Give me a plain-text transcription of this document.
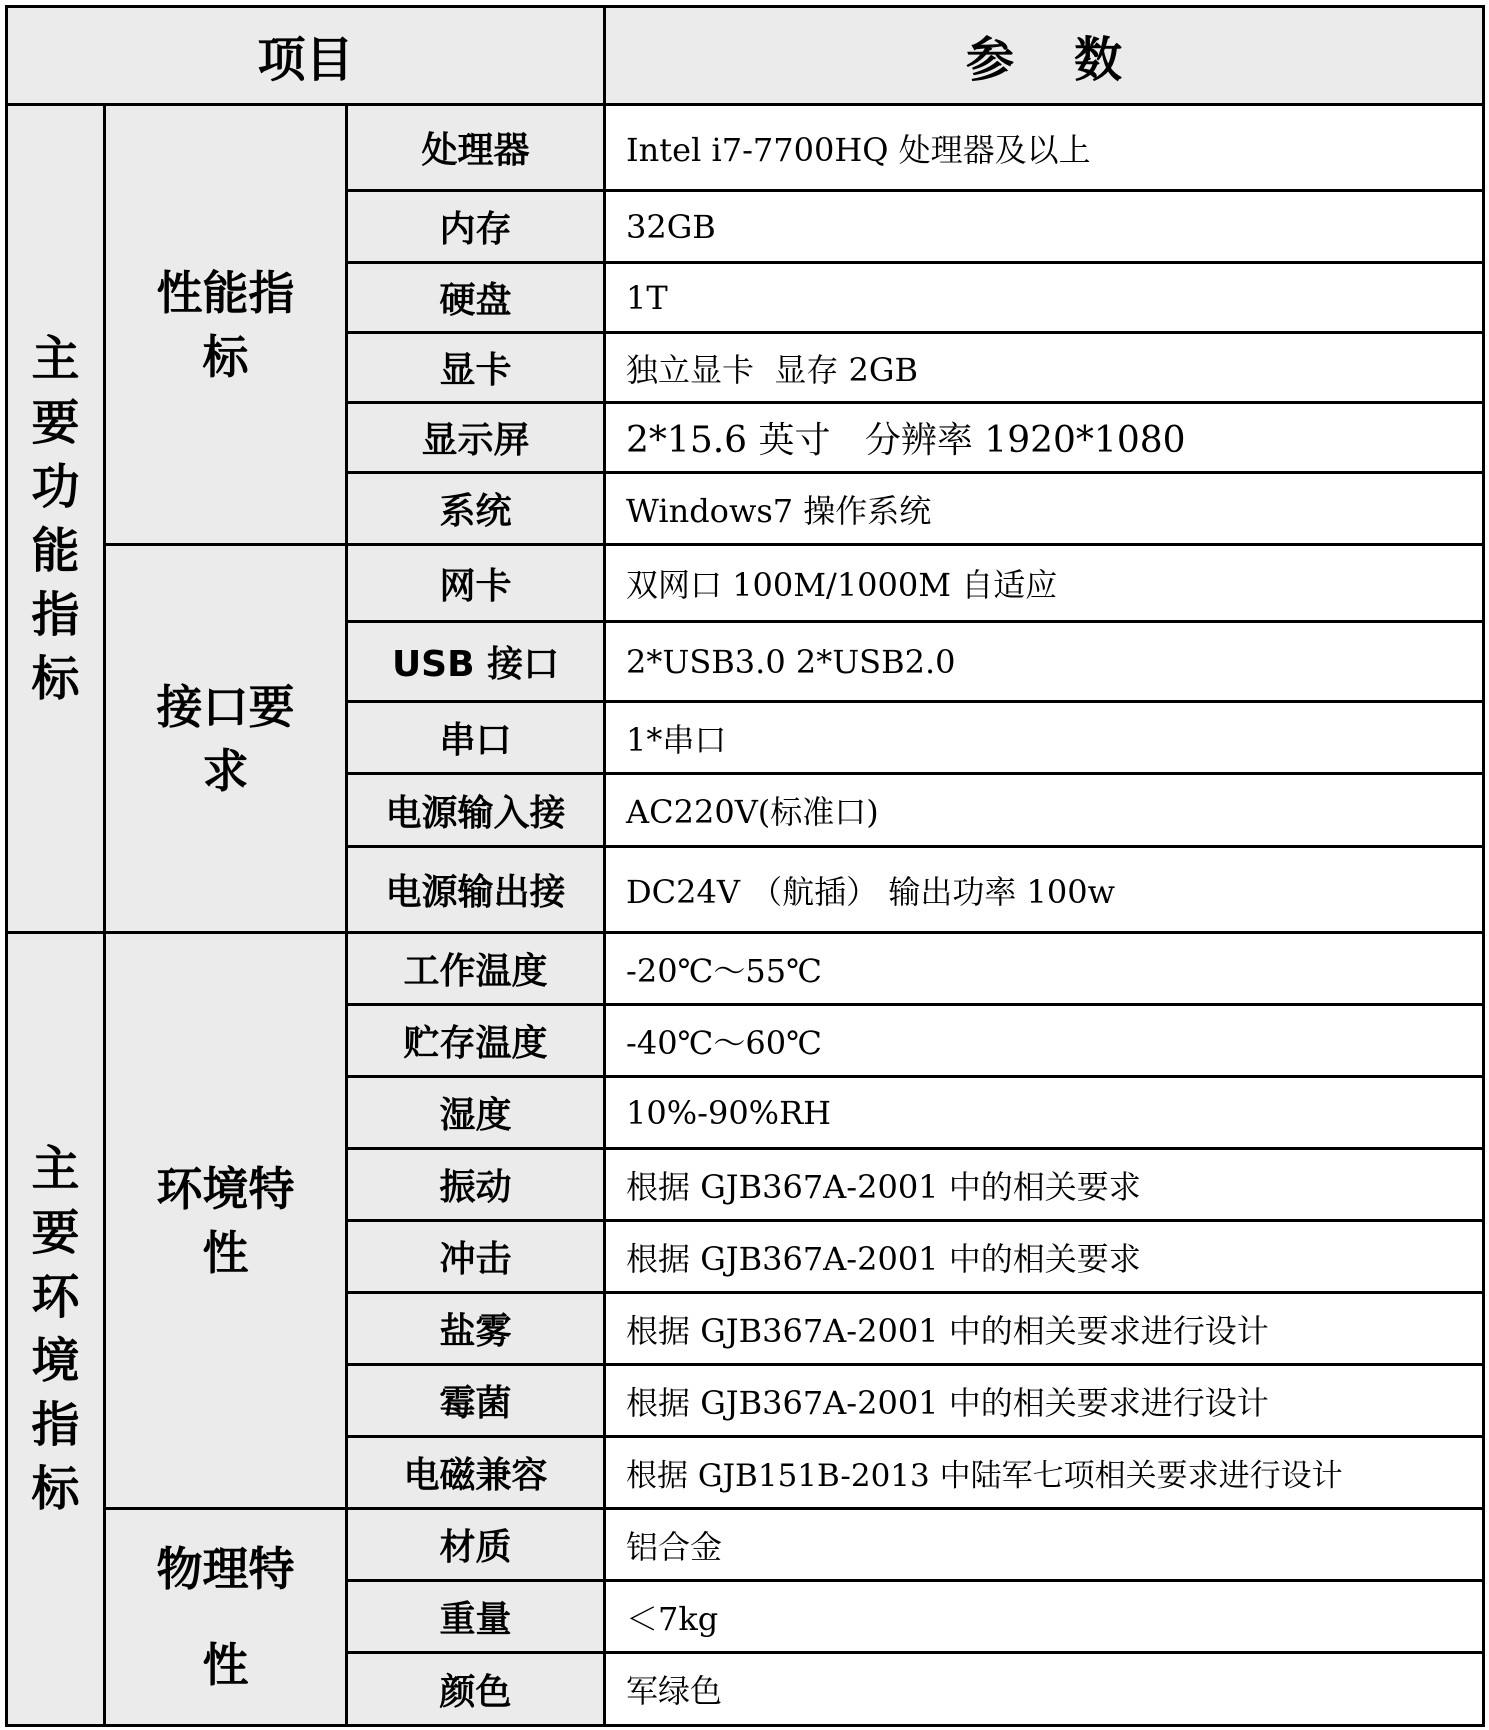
项目			参数
主要功能指标	性能指标	处理器	Intel i7-7700HQ 处理器及以上
		内存	32GB
		硬盘	1T
		显卡	独立显卡  显存 2GB
		显示屏	2*15.6 英寸   分辨率 1920*1080
		系统	Windows7 操作系统
	接口要求	网卡	双网口 100M/1000M 自适应
		USB 接口	2*USB3.0 2*USB2.0
		串口	1*串口
		电源输入接	AC220V(标准口)
		电源输出接	DC24V （航插） 输出功率 100w
主要环境指标	环境特性	工作温度	-20℃～55℃
		贮存温度	-40℃～60℃
		湿度	10%-90%RH
		振动	根据 GJB367A-2001 中的相关要求
		冲击	根据 GJB367A-2001 中的相关要求
		盐雾	根据 GJB367A-2001 中的相关要求进行设计
		霉菌	根据 GJB367A-2001 中的相关要求进行设计
		电磁兼容	根据 GJB151B-2013 中陆军七项相关要求进行设计
	物理特性	材质	铝合金
		重量	＜7kg
		颜色	军绿色
